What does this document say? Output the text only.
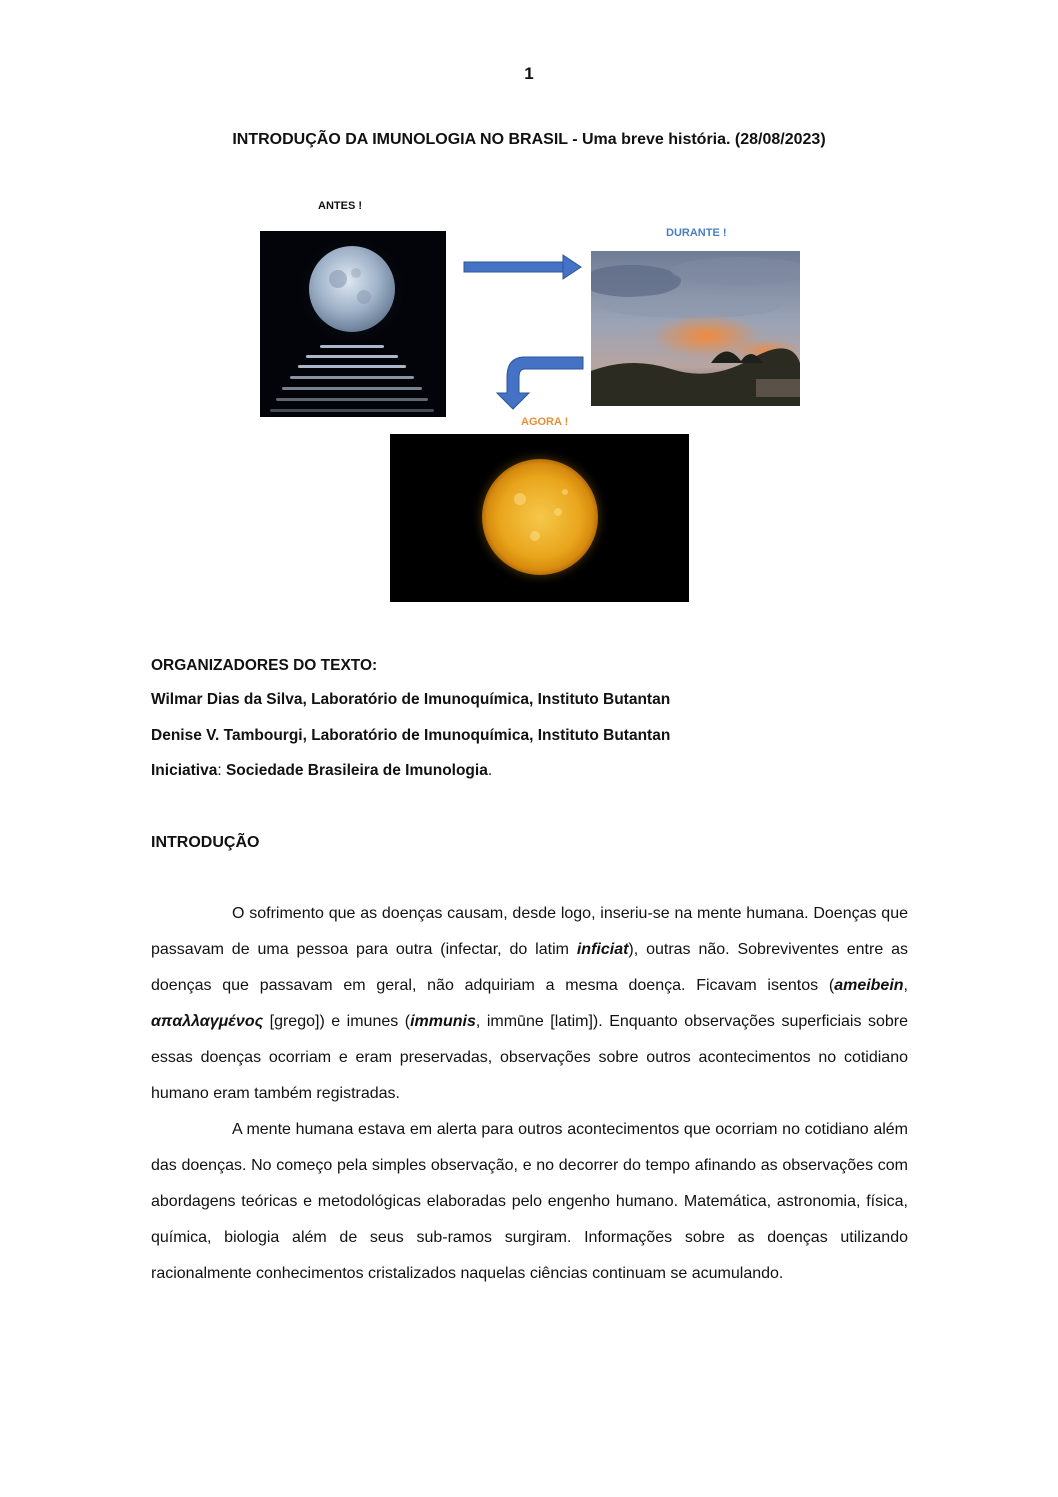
1
INTRODUÇÃO DA IMUNOLOGIA NO BRASIL - Uma breve história. (28/08/2023)
ANTES !
DURANTE !
AGORA !
ORGANIZADORES DO TEXTO:
Wilmar Dias da Silva, Laboratório de Imunoquímica, Instituto Butantan
Denise V. Tambourgi, Laboratório de Imunoquímica, Instituto Butantan
Iniciativa: Sociedade Brasileira de Imunologia.
INTRODUÇÃO
O sofrimento que as doenças causam, desde logo, inseriu-se na mente humana. Doenças que passavam de uma pessoa para outra (infectar, do latim inficiat), outras não. Sobreviventes entre as doenças que passavam em geral, não adquiriam a mesma doença. Ficavam isentos (ameibein, απαλλαγμένος [grego]) e imunes (immunis, immūne [latim]). Enquanto observações superficiais sobre essas doenças ocorriam e eram preservadas, observações sobre outros acontecimentos no cotidiano humano eram também registradas.
A mente humana estava em alerta para outros acontecimentos que ocorriam no cotidiano além das doenças. No começo pela simples observação, e no decorrer do tempo afinando as observações com abordagens teóricas e metodológicas elaboradas pelo engenho humano. Matemática, astronomia, física, química, biologia além de seus sub-ramos surgiram. Informações sobre as doenças utilizando racionalmente conhecimentos cristalizados naquelas ciências continuam se acumulando.
